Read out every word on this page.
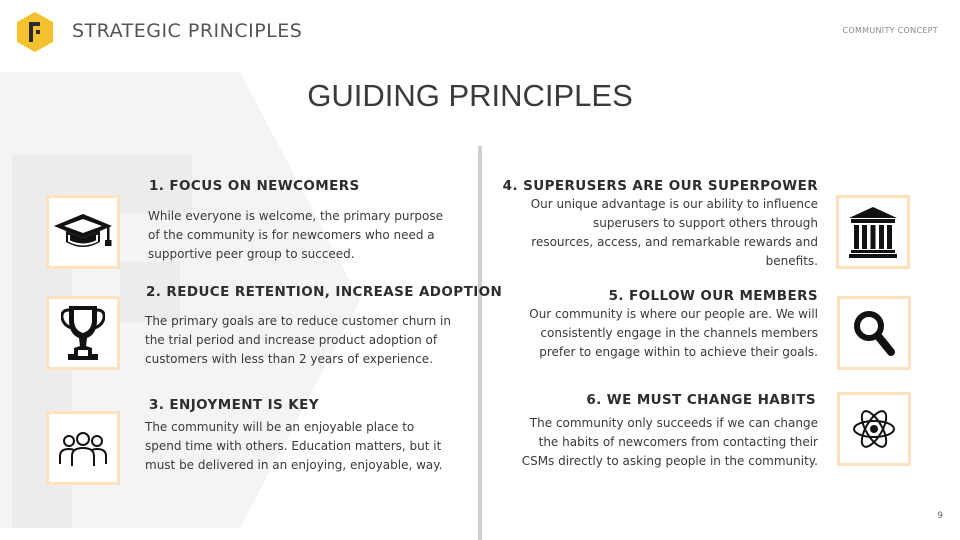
STRATEGIC PRINCIPLES	COMMUNITY CONCEPT
GUIDING PRINCIPLES
1. FOCUS ON NEWCOMERS
While everyone is welcome, the primary purpose of the community is for newcomers who need a supportive peer group to succeed.
2. REDUCE RETENTION, INCREASE ADOPTION
The primary goals are to reduce customer churn in the trial period and increase product adoption of customers with less than 2 years of experience.
3. ENJOYMENT IS KEY
The community will be an enjoyable place to spend time with others. Education matters, but it must be delivered in an enjoying, enjoyable, way.
4. SUPERUSERS ARE OUR SUPERPOWER
Our unique advantage is our ability to influence superusers to support others through resources, access, and remarkable rewards and benefits.
5. FOLLOW OUR MEMBERS
Our community is where our people are. We will consistently engage in the channels members prefer to engage within to achieve their goals.
6. WE MUST CHANGE HABITS
The community only succeeds if we can change the habits of newcomers from contacting their CSMs directly to asking people in the community.
9
